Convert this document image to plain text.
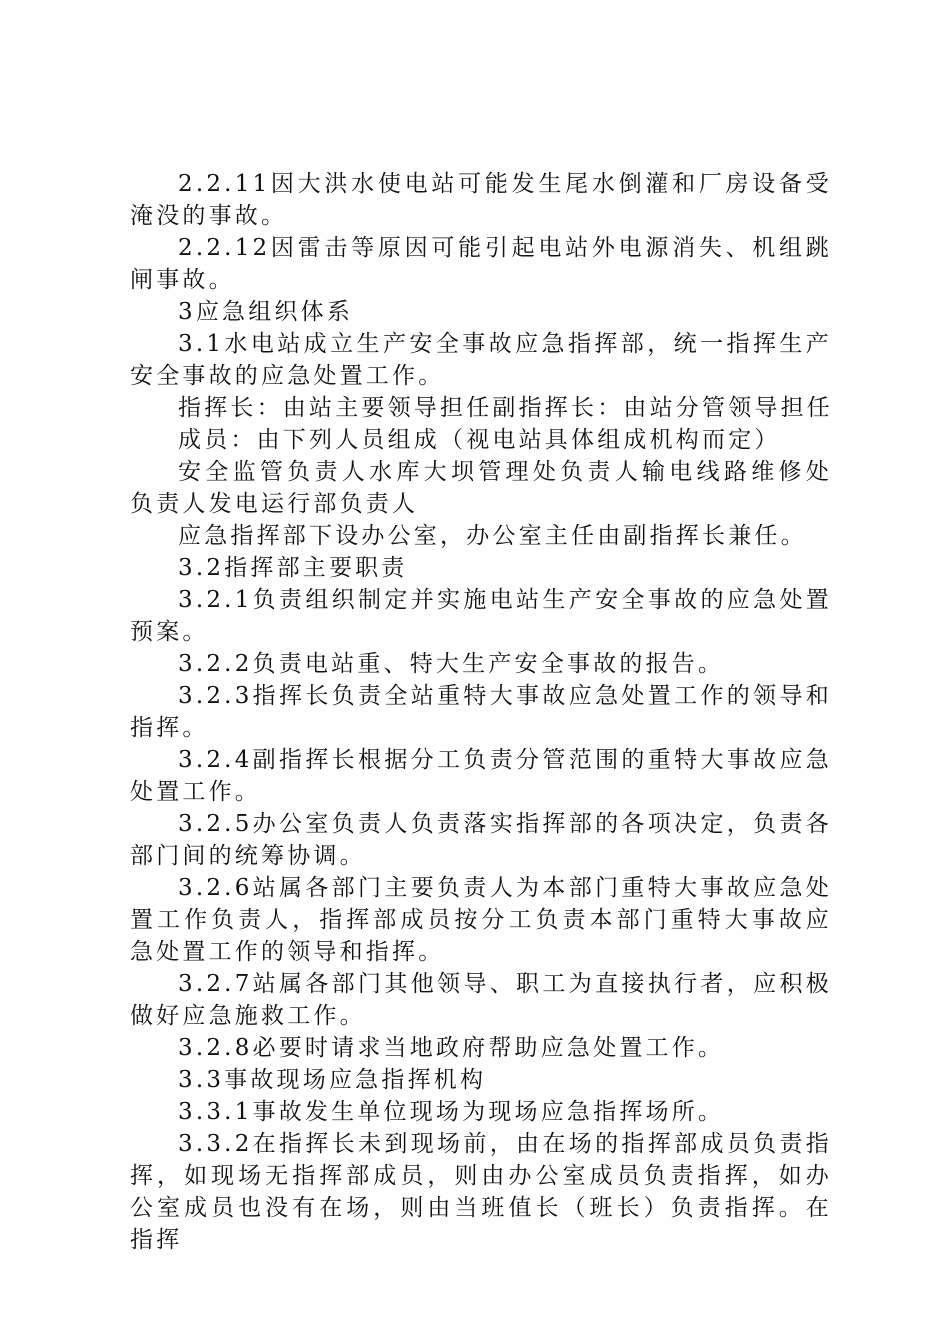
2.2.11因大洪水使电站可能发生尾水倒灌和厂房设备受淹没的事故。

2.2.12因雷击等原因可能引起电站外电源消失、机组跳闸事故。

3应急组织体系

3.1水电站成立生产安全事故应急指挥部，统一指挥生产安全事故的应急处置工作。

指挥长：由站主要领导担任副指挥长：由站分管领导担任

成员：由下列人员组成（视电站具体组成机构而定）

安全监管负责人水库大坝管理处负责人输电线路维修处负责人发电运行部负责人

应急指挥部下设办公室，办公室主任由副指挥长兼任。

3.2指挥部主要职责

3.2.1负责组织制定并实施电站生产安全事故的应急处置预案。

3.2.2负责电站重、特大生产安全事故的报告。

3.2.3指挥长负责全站重特大事故应急处置工作的领导和指挥。

3.2.4副指挥长根据分工负责分管范围的重特大事故应急处置工作。

3.2.5办公室负责人负责落实指挥部的各项决定，负责各部门间的统筹协调。

3.2.6站属各部门主要负责人为本部门重特大事故应急处置工作负责人，指挥部成员按分工负责本部门重特大事故应急处置工作的领导和指挥。

3.2.7站属各部门其他领导、职工为直接执行者，应积极做好应急施救工作。

3.2.8必要时请求当地政府帮助应急处置工作。

3.3事故现场应急指挥机构

3.3.1事故发生单位现场为现场应急指挥场所。

3.3.2在指挥长未到现场前，由在场的指挥部成员负责指挥，如现场无指挥部成员，则由办公室成员负责指挥，如办公室成员也没有在场，则由当班值长（班长）负责指挥。在指挥
